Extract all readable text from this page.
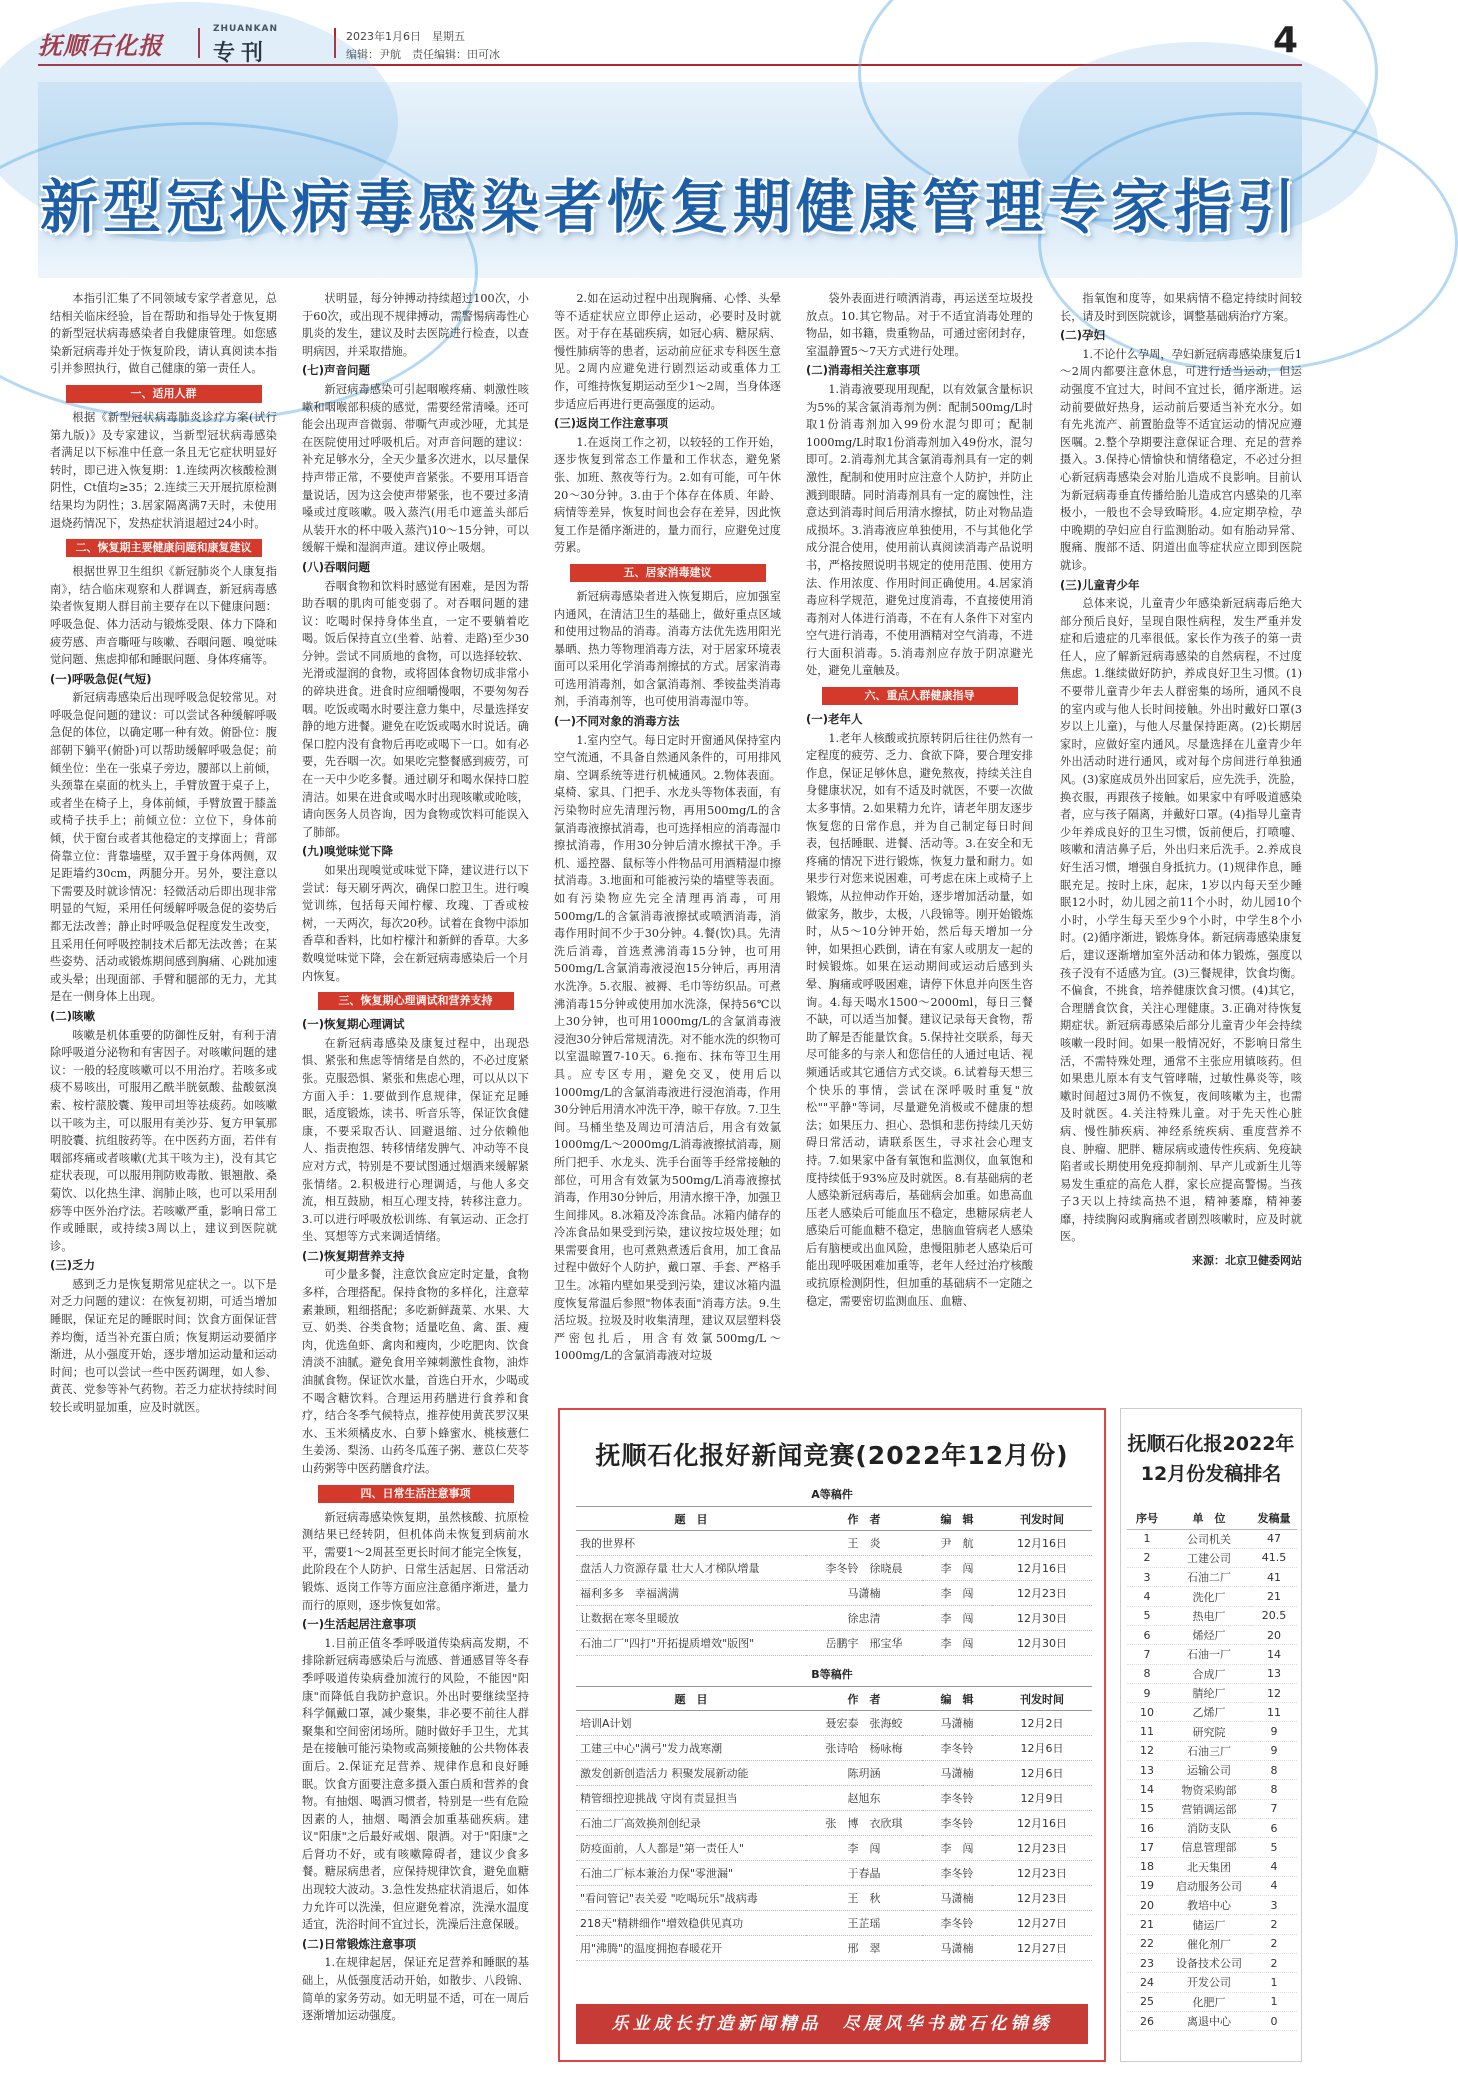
抚顺石化报
ZHUANKAN
专刊
2023年1月6日　星期五
编辑：尹航　责任编辑：田可冰	4
新型冠状病毒感染者恢复期健康管理专家指引

本指引汇集了不同领域专家学者意见，总结相关临床经验，旨在帮助和指导处于恢复期的新型冠状病毒感染者自我健康管理。如您感染新冠病毒并处于恢复阶段，请认真阅读本指引并参照执行，做自己健康的第一责任人。

一、适用人群

根据《新型冠状病毒肺炎诊疗方案(试行第九版)》及专家建议，当新型冠状病毒感染者满足以下标准中任意一条且无它症状明显好转时，即已进入恢复期：1.连续两次核酸检测阴性，Ct值均≥35；2.连续三天开展抗原检测结果均为阴性；3.居家隔离满7天时，未使用退烧药情况下，发热症状消退超过24小时。

二、恢复期主要健康问题和康复建议

根据世界卫生组织《新冠肺炎个人康复指南》，结合临床观察和人群调查，新冠病毒感染者恢复期人群目前主要存在以下健康问题：呼吸急促、体力活动与锻炼受限、体力下降和疲劳感、声音嘶哑与咳嗽、吞咽问题、嗅觉味觉问题、焦虑抑郁和睡眠问题、身体疼痛等。

(一)呼吸急促(气短)

新冠病毒感染后出现呼吸急促较常见。对呼吸急促问题的建议：可以尝试各种缓解呼吸急促的体位，以确定哪一种有效。俯卧位：腹部朝下躺平(俯卧)可以帮助缓解呼吸急促；前倾坐位：坐在一张桌子旁边，腰部以上前倾，头颈靠在桌面的枕头上，手臂放置于桌子上，或者坐在椅子上，身体前倾，手臂放置于膝盖或椅子扶手上；前倾立位：立位下，身体前倾，伏于窗台或者其他稳定的支撑面上；背部倚靠立位：背靠墙壁，双手置于身体两侧，双足距墙约30cm，两腿分开。另外，要注意以下需要及时就诊情况：轻微活动后即出现非常明显的气短，采用任何缓解呼吸急促的姿势后都无法改善；静止时呼吸急促程度发生改变，且采用任何呼吸控制技术后都无法改善；在某些姿势、活动或锻炼期间感到胸痛、心跳加速或头晕；出现面部、手臂和腿部的无力，尤其是在一侧身体上出现。

(二)咳嗽

咳嗽是机体重要的防御性反射，有利于清除呼吸道分泌物和有害因子。对咳嗽问题的建议：一般的轻度咳嗽可以不用治疗。若咳多或痰不易咳出，可服用乙酰半胱氨酸、盐酸氨溴索、桉柠蒎胶囊、羧甲司坦等祛痰药。如咳嗽以干咳为主，可以服用有美沙芬、复方甲氧那明胶囊、抗组胺药等。在中医药方面，若伴有咽部疼痛或者咳嗽(尤其干咳为主)，没有其它症状表现，可以服用荆防败毒散、银翘散、桑菊饮、以化热生津、润肺止咳，也可以采用刮痧等中医外治疗法。若咳嗽严重，影响日常工作或睡眠，或持续3周以上，建议到医院就诊。

(三)乏力

感到乏力是恢复期常见症状之一。以下是对乏力问题的建议：在恢复初期，可适当增加睡眠，保证充足的睡眠时间；饮食方面保证营养均衡，适当补充蛋白质；恢复期运动要循序渐进，从小强度开始，逐步增加运动量和运动时间；也可以尝试一些中医药调理，如人参、黄芪、党参等补气药物。若乏力症状持续时间较长或明显加重，应及时就医。

状明显，每分钟搏动持续超过100次，小于60次，或出现不规律搏动，需警惕病毒性心肌炎的发生，建议及时去医院进行检查，以查明病因，并采取措施。

(七)声音问题

新冠病毒感染可引起咽喉疼痛、刺激性咳嗽和咽喉部积痰的感觉，需要经常清嗓。还可能会出现声音微弱、带嘶气声或沙哑，尤其是在医院使用过呼吸机后。对声音问题的建议：补充足够水分，全天少量多次进水，以尽量保持声带正常，不要使声音紧张。不要用耳语音量说话，因为这会使声带紧张，也不要过多清嗓或过度咳嗽。吸入蒸汽(用毛巾遮盖头部后从装开水的杯中吸入蒸汽)10～15分钟，可以缓解干燥和湿润声道。建议停止吸烟。

(八)吞咽问题

吞咽食物和饮料时感觉有困难，是因为帮助吞咽的肌肉可能变弱了。对吞咽问题的建议：吃喝时保持身体坐直，一定不要躺着吃喝。饭后保持直立(坐着、站着、走路)至少30分钟。尝试不同质地的食物，可以选择较软、光滑或湿润的食物，或将固体食物切成非常小的碎块进食。进食时应细嚼慢咽，不要匆匆吞咽。吃饭或喝水时要注意力集中，尽量选择安静的地方进餐。避免在吃饭或喝水时说话。确保口腔内没有食物后再吃或喝下一口。如有必要，先吞咽一次。如果吃完整餐感到疲劳，可在一天中少吃多餐。通过刷牙和喝水保持口腔清洁。如果在进食或喝水时出现咳嗽或呛咳，请向医务人员咨询，因为食物或饮料可能误入了肺部。

(九)嗅觉味觉下降

如果出现嗅觉或味觉下降，建议进行以下尝试：每天刷牙两次，确保口腔卫生。进行嗅觉训练，包括每天闻柠檬、玫瑰、丁香或桉树，一天两次，每次20秒。试着在食物中添加香草和香料，比如柠檬汁和新鲜的香草。大多数嗅觉味觉下降，会在新冠病毒感染后一个月内恢复。

三、恢复期心理调试和营养支持
(一)恢复期心理调试

在新冠病毒感染及康复过程中，出现恐惧、紧张和焦虑等情绪是自然的，不必过度紧张。克服恐惧、紧张和焦虑心理，可以从以下方面入手：1.要做到作息规律，保证充足睡眠，适度锻炼，读书、听音乐等，保证饮食健康，不要采取否认、回避退缩、过分依赖他人、指责抱怨、转移情绪发脾气、冲动等不良应对方式，特别是不要试图通过烟酒来缓解紧张情绪。2.积极进行心理调适，与他人多交流，相互鼓励，相互心理支持，转移注意力。3.可以进行呼吸放松训练、有氧运动、正念打坐、冥想等方式来调适情绪。

(二)恢复期营养支持

可少量多餐，注意饮食应定时定量，食物多样，合理搭配。保持食物的多样化，注意荤素兼顾，粗细搭配；多吃新鲜蔬菜、水果、大豆、奶类、谷类食物；适量吃鱼、禽、蛋、瘦肉，优选鱼虾、禽肉和瘦肉，少吃肥肉、饮食清淡不油腻。避免食用辛辣刺激性食物，油炸油腻食物。保证饮水量，首选白开水，少喝或不喝含糖饮料。合理运用药膳进行食养和食疗，结合冬季气候特点，推荐使用黄芪罗汉果水、玉米须橘皮水、白萝卜蜂蜜水、桃核薏仁生姜汤、梨汤、山药冬瓜莲子粥、薏苡仁芡苓山药粥等中医药膳食疗法。

四、日常生活注意事项

新冠病毒感染恢复期，虽然核酸、抗原检测结果已经转阴，但机体尚未恢复到病前水平，需要1～2周甚至更长时间才能完全恢复，此阶段在个人防护、日常生活起居、日常活动锻炼、返岗工作等方面应注意循序渐进，量力而行的原则，逐步恢复如常。

(一)生活起居注意事项

1.目前正值冬季呼吸道传染病高发期，不排除新冠病毒感染后与流感、普通感冒等冬春季呼吸道传染病叠加流行的风险，不能因"阳康"而降低自我防护意识。外出时要继续坚持科学佩戴口罩，减少聚集，非必要不前往人群聚集和空间密闭场所。随时做好手卫生，尤其是在接触可能污染物或高频接触的公共物体表面后。2.保证充足营养、规律作息和良好睡眠。饮食方面要注意多摄入蛋白质和营养的食物。有抽烟、喝酒习惯者，特别是一些有危险因素的人，抽烟、喝酒会加重基础疾病。建议"阳康"之后最好戒烟、限酒。对于"阳康"之后肾功不好，或有咳嗽障碍者，建议少食多餐。糖尿病患者，应保持规律饮食，避免血糖出现较大波动。3.急性发热症状消退后，如体力允许可以洗澡，但应避免着凉，洗澡水温度适宜，洗浴时间不宜过长，洗澡后注意保暖。

(二)日常锻炼注意事项

1.在规律起居，保证充足营养和睡眠的基础上，从低强度活动开始，如散步、八段锦、简单的家务劳动。如无明显不适，可在一周后逐渐增加运动强度。

2.如在运动过程中出现胸痛、心悸、头晕等不适症状应立即停止运动，必要时及时就医。对于存在基础疾病，如冠心病、糖尿病、慢性肺病等的患者，运动前应征求专科医生意见。2周内应避免进行剧烈运动或重体力工作，可维持恢复期运动至少1～2周，当身体逐步适应后再进行更高强度的运动。

(三)返岗工作注意事项

1.在返岗工作之初，以较轻的工作开始，逐步恢复到常态工作量和工作状态，避免紧张、加班、熬夜等行为。2.如有可能，可午休20～30分钟。3.由于个体存在体质、年龄、病情等差异，恢复时间也会存在差异，因此恢复工作是循序渐进的，量力而行，应避免过度劳累。

五、居家消毒建议

新冠病毒感染者进入恢复期后，应加强室内通风，在清洁卫生的基础上，做好重点区域和使用过物品的消毒。消毒方法优先选用阳光暴晒、热力等物理消毒方法，对于居家环境表面可以采用化学消毒剂擦拭的方式。居家消毒可选用消毒剂，如含氯消毒剂、季铵盐类消毒剂，手消毒剂等，也可使用消毒湿巾等。

(一)不同对象的消毒方法

1.室内空气。每日定时开窗通风保持室内空气流通，不具备自然通风条件的，可用排风扇、空调系统等进行机械通风。2.物体表面。桌椅、家具、门把手、水龙头等物体表面，有污染物时应先清理污物，再用500mg/L的含氯消毒液擦拭消毒，也可选择相应的消毒湿巾擦拭消毒，作用30分钟后清水擦拭干净。手机、遥控器、鼠标等小件物品可用酒精湿巾擦拭消毒。3.地面和可能被污染的墙壁等表面。如有污染物应先完全清理再消毒，可用500mg/L的含氯消毒液擦拭或喷洒消毒，消毒作用时间不少于30分钟。4.餐(饮)具。先清洗后消毒，首选煮沸消毒15分钟，也可用500mg/L含氯消毒液浸泡15分钟后，再用清水洗净。5.衣服、被褥、毛巾等纺织品。可煮沸消毒15分钟或使用加水洗涤，保持56℃以上30分钟，也可用1000mg/L的含氯消毒液浸泡30分钟后常规清洗。对不能水洗的织物可以室温晾置7-10天。6.拖布、抹布等卫生用具。应专区专用，避免交叉，使用后以1000mg/L的含氯消毒液进行浸泡消毒，作用30分钟后用清水冲洗干净，晾干存放。7.卫生间。马桶坐垫及周边可清洁后，用含有效氯1000mg/L～2000mg/L消毒液擦拭消毒，厕所门把手、水龙头、洗手台面等手经常接触的部位，可用含有效氯为500mg/L消毒液擦拭消毒，作用30分钟后，用清水擦干净，加强卫生间排风。8.冰箱及冷冻食品。冰箱内储存的冷冻食品如果受到污染，建议按垃圾处理；如果需要食用，也可煮熟煮透后食用，加工食品过程中做好个人防护，戴口罩、手套、严格手卫生。冰箱内壁如果受到污染，建议冰箱内温度恢复常温后参照"物体表面"消毒方法。9.生活垃圾。拉圾及时收集清理，建议双层塑料袋严密包扎后，用含有效氯500mg/L～1000mg/L的含氯消毒液对垃圾

袋外表面进行喷洒消毒，再运送至垃圾投放点。10.其它物品。对于不适宜消毒处理的物品，如书籍，贵重物品，可通过密闭封存，室温静置5～7天方式进行处理。

(二)消毒相关注意事项

1.消毒液要现用现配，以有效氯含量标识为5%的某含氯消毒剂为例：配制500mg/L时取1份消毒剂加入99份水混匀即可；配制1000mg/L时取1份消毒剂加入49份水，混匀即可。2.消毒剂尤其含氯消毒剂具有一定的刺激性，配制和使用时应注意个人防护，并防止溅到眼睛。同时消毒剂具有一定的腐蚀性，注意达到消毒时间后用清水擦拭，防止对物品造成损坏。3.消毒液应单独使用，不与其他化学成分混合使用，使用前认真阅读消毒产品说明书，严格按照说明书规定的使用范围、使用方法、作用浓度、作用时间正确使用。4.居家消毒应科学规范，避免过度消毒，不直接使用消毒剂对人体进行消毒，不在有人条件下对室内空气进行消毒，不使用酒精对空气消毒，不进行大面积消毒。5.消毒剂应存放于阴凉避光处，避免儿童触及。

六、重点人群健康指导
(一)老年人

1.老年人核酸或抗原转阴后往往仍然有一定程度的疲劳、乏力、食欲下降，要合理安排作息，保证足够休息，避免熬夜，持续关注自身健康状况，如有不适及时就医，不要一次做太多事情。2.如果精力允许，请老年朋友逐步恢复您的日常作息，并为自己制定每日时间表，包括睡眠、进餐、活动等。3.在安全和无疼痛的情况下进行锻炼，恢复力量和耐力。如果步行对您来说困难，可考虑在床上或椅子上锻炼，从拉伸动作开始，逐步增加活动量，如做家务，散步，太极，八段锦等。刚开始锻炼时，从5～10分钟开始，然后每天增加一分钟，如果担心跌倒，请在有家人或朋友一起的时候锻炼。如果在运动期间或运动后感到头晕、胸痛或呼吸困难，请停下休息并向医生咨询。4.每天喝水1500～2000ml，每日三餐不缺，可以适当加餐。建议记录每天食物，帮助了解是否能量饮食。5.保持社交联系，每天尽可能多的与亲人和您信任的人通过电话、视频通话或其它通信方式交谈。6.试着每天想三个快乐的事情，尝试在深呼吸时重复"放松""平静"等词，尽量避免消极或不健康的想法；如果压力、担心、恐惧和悲伤持续几天妨碍日常活动，请联系医生，寻求社会心理支持。7.如果家中备有氧饱和监测仪，血氧饱和度持续低于93%应及时就医。8.有基础病的老人感染新冠病毒后，基础病会加重。如患高血压老人感染后可能血压不稳定，患糖尿病老人感染后可能血糖不稳定，患脑血管病老人感染后有脑梗或出血风险，患慢阻肺老人感染后可能出现呼吸困难加重等，老年人经过治疗核酸或抗原检测阴性，但加重的基础病不一定随之稳定，需要密切监测血压、血糖、

指氧饱和度等，如果病情不稳定持续时间较长，请及时到医院就诊，调整基础病治疗方案。

(二)孕妇

1.不论什么孕周，孕妇新冠病毒感染康复后1～2周内都要注意休息，可进行适当运动，但运动强度不宜过大，时间不宜过长，循序渐进。运动前要做好热身，运动前后要适当补充水分。如有先兆流产、前置胎盘等不适宜运动的情况应遵医嘱。2.整个孕期要注意保证合理、充足的营养摄入。3.保持心情愉快和情绪稳定，不必过分担心新冠病毒感染会对胎儿造成不良影响。目前认为新冠病毒垂直传播给胎儿造成宫内感染的几率极小，一般也不会导致畸形。4.应定期孕检，孕中晚期的孕妇应自行监测胎动。如有胎动异常、腹痛、腹部不适、阴道出血等症状应立即到医院就诊。

(三)儿童青少年

总体来说，儿童青少年感染新冠病毒后绝大部分预后良好，呈现自限性病程，发生严重并发症和后遗症的几率很低。家长作为孩子的第一责任人，应了解新冠病毒感染的自然病程，不过度焦虑。1.继续做好防护，养成良好卫生习惯。(1)不要带儿童青少年去人群密集的场所，通风不良的室内或与他人长时间接触。外出时戴好口罩(3岁以上儿童)，与他人尽量保持距离。(2)长期居家时，应做好室内通风。尽量选择在儿童青少年外出活动时进行通风，或对每个房间进行单独通风。(3)家庭成员外出回家后，应先洗手，洗脸，换衣服，再跟孩子接触。如果家中有呼吸道感染者，应与孩子隔离，并戴好口罩。(4)指导儿童青少年养成良好的卫生习惯，饭前便后，打喷嚏、咳嗽和清洁鼻子后，外出归来后洗手。2.养成良好生活习惯，增强自身抵抗力。(1)规律作息，睡眠充足。按时上床，起床，1岁以内每天至少睡眠12小时，幼儿园之前11个小时，幼儿园10个小时，小学生每天至少9个小时，中学生8个小时。(2)循序渐进，锻炼身体。新冠病毒感染康复后，建议逐渐增加室外活动和体力锻炼，强度以孩子没有不适感为宜。(3)三餐规律，饮食均衡。不偏食，不挑食，培养健康饮食习惯。(4)其它，合理膳食饮食，关注心理健康。3.正确对待恢复期症状。新冠病毒感染后部分儿童青少年会持续咳嗽一段时间。如果一般情况好，不影响日常生活，不需特殊处理，通常不主张应用镇咳药。但如果患儿原本有支气管哮喘，过敏性鼻炎等，咳嗽时间超过3周仍不恢复，夜间咳嗽为主，也需及时就医。4.关注特殊儿童。对于先天性心脏病、慢性肺疾病、神经系统疾病、重度营养不良、肿瘤、肥胖、糖尿病或遗传性疾病、免疫缺陷者或长期使用免疫抑制剂、早产儿或新生儿等易发生重症的高危人群，家长应提高警惕。当孩子3天以上持续高热不退，精神萎靡，精神萎靡，持续胸闷或胸痛或者剧烈咳嗽时，应及时就医。

来源：北京卫健委网站
抚顺石化报好新闻竞赛(2022年12月份)
A等稿件
题　目	作　者	编　辑	刊发时间
我的世界杯	王　炎	尹　航	12月16日
盘活人力资源存量 壮大人才梯队增量	李冬铃　徐晓晨	李　闯	12月16日
福利多多　幸福满满	马潇楠	李　闯	12月23日
让数据在寒冬里暖放	徐忠清	李　闯	12月30日
石油二厂"四打"开拓提质增效"版图"	岳鹏宇　邢宝华	李　闯	12月30日
B等稿件
题　目	作　者	编　辑	刊发时间
培训A计划	聂宏泰　张海蛟	马潇楠	12月2日
工建三中心"满弓"发力战寒潮	张诗哈　杨咏梅	李冬铃	12月6日
激发创新创造活力 积聚发展新动能	陈玥涵	马潇楠	12月6日
精管细控迎挑战 守岗有责显担当	赵旭东	李冬铃	12月9日
石油二厂高效换剂创纪录	张　博　衣欣琪	李冬铃	12月16日
防疫面前，人人都是"第一责任人"	李　闯	李　闯	12月23日
石油二厂标本兼治力保"零泄漏"	于春晶	李冬铃	12月23日
"看问管记"表关爱 "吃喝玩乐"战病毒	王　秋	马潇楠	12月23日
218天"精耕细作"增效稳供见真功	王芷瑶	李冬铃	12月27日
用"沸腾"的温度拥抱春暖花开	邢　翠	马潇楠	12月27日
乐业成长打造新闻精品　尽展风华书就石化锦绣
抚顺石化报2022年
12月份发稿排名
序号	单　位	发稿量
1	公司机关	47
2	工建公司	41.5
3	石油二厂	41
4	洗化厂	21
5	热电厂	20.5
6	烯烃厂	20
7	石油一厂	14
8	合成厂	13
9	腈纶厂	12
10	乙烯厂	11
11	研究院	9
12	石油三厂	9
13	运输公司	8
14	物资采购部	8
15	营销调运部	7
16	消防支队	6
17	信息管理部	5
18	北天集团	4
19	启动服务公司	4
20	教培中心	3
21	储运厂	2
22	催化剂厂	2
23	设备技术公司	2
24	开发公司	1
25	化肥厂	1
26	离退中心	0
